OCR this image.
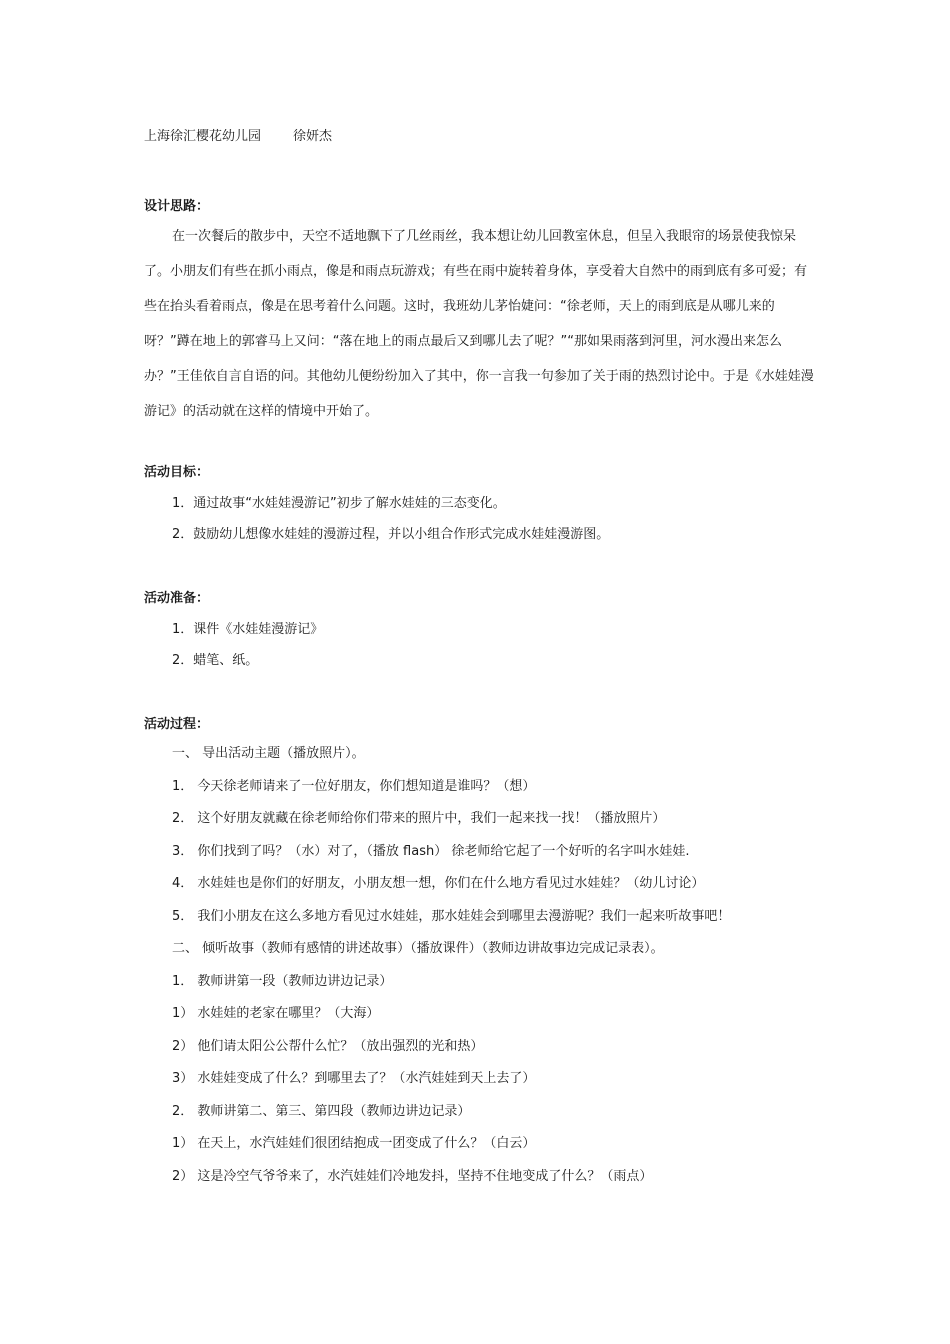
上海徐汇樱花幼儿园 徐妍杰
设计思路：

在一次餐后的散步中，天空不适地飘下了几丝雨丝，我本想让幼儿回教室休息，但呈入我眼帘的场景使我惊呆了。小朋友们有些在抓小雨点，像是和雨点玩游戏；有些在雨中旋转着身体，享受着大自然中的雨到底有多可爱；有些在抬头看着雨点，像是在思考着什么问题。这时，我班幼儿茅怡婕问：“徐老师，天上的雨到底是从哪儿来的呀？”蹲在地上的郭睿马上又问：“落在地上的雨点最后又到哪儿去了呢？”“那如果雨落到河里，河水漫出来怎么办？”王佳依自言自语的问。其他幼儿便纷纷加入了其中，你一言我一句参加了关于雨的热烈讨论中。于是《水娃娃漫游记》的活动就在这样的情境中开始了。

活动目标：
1．通过故事“水娃娃漫游记”初步了解水娃娃的三态变化。
2．鼓励幼儿想像水娃娃的漫游过程，并以小组合作形式完成水娃娃漫游图。
活动准备：
1．课件《水娃娃漫游记》
2．蜡笔、纸。
活动过程：
一、 导出活动主题（播放照片）。
1． 今天徐老师请来了一位好朋友，你们想知道是谁吗？（想）
2． 这个好朋友就藏在徐老师给你们带来的照片中，我们一起来找一找！（播放照片）
3． 你们找到了吗？（水）对了，（播放 flash） 徐老师给它起了一个好听的名字叫水娃娃.
4． 水娃娃也是你们的好朋友，小朋友想一想，你们在什么地方看见过水娃娃？（幼儿讨论）
5． 我们小朋友在这么多地方看见过水娃娃，那水娃娃会到哪里去漫游呢？我们一起来听故事吧！
二、 倾听故事（教师有感情的讲述故事）（播放课件）（教师边讲故事边完成记录表）。
1． 教师讲第一段（教师边讲边记录）
1） 水娃娃的老家在哪里？（大海）
2） 他们请太阳公公帮什么忙？（放出强烈的光和热）
3） 水娃娃变成了什么？到哪里去了？（水汽娃娃到天上去了）
2． 教师讲第二、第三、第四段（教师边讲边记录）
1） 在天上，水汽娃娃们很团结抱成一团变成了什么？（白云）
2） 这是冷空气爷爷来了，水汽娃娃们冷地发抖，坚持不住地变成了什么？（雨点）
